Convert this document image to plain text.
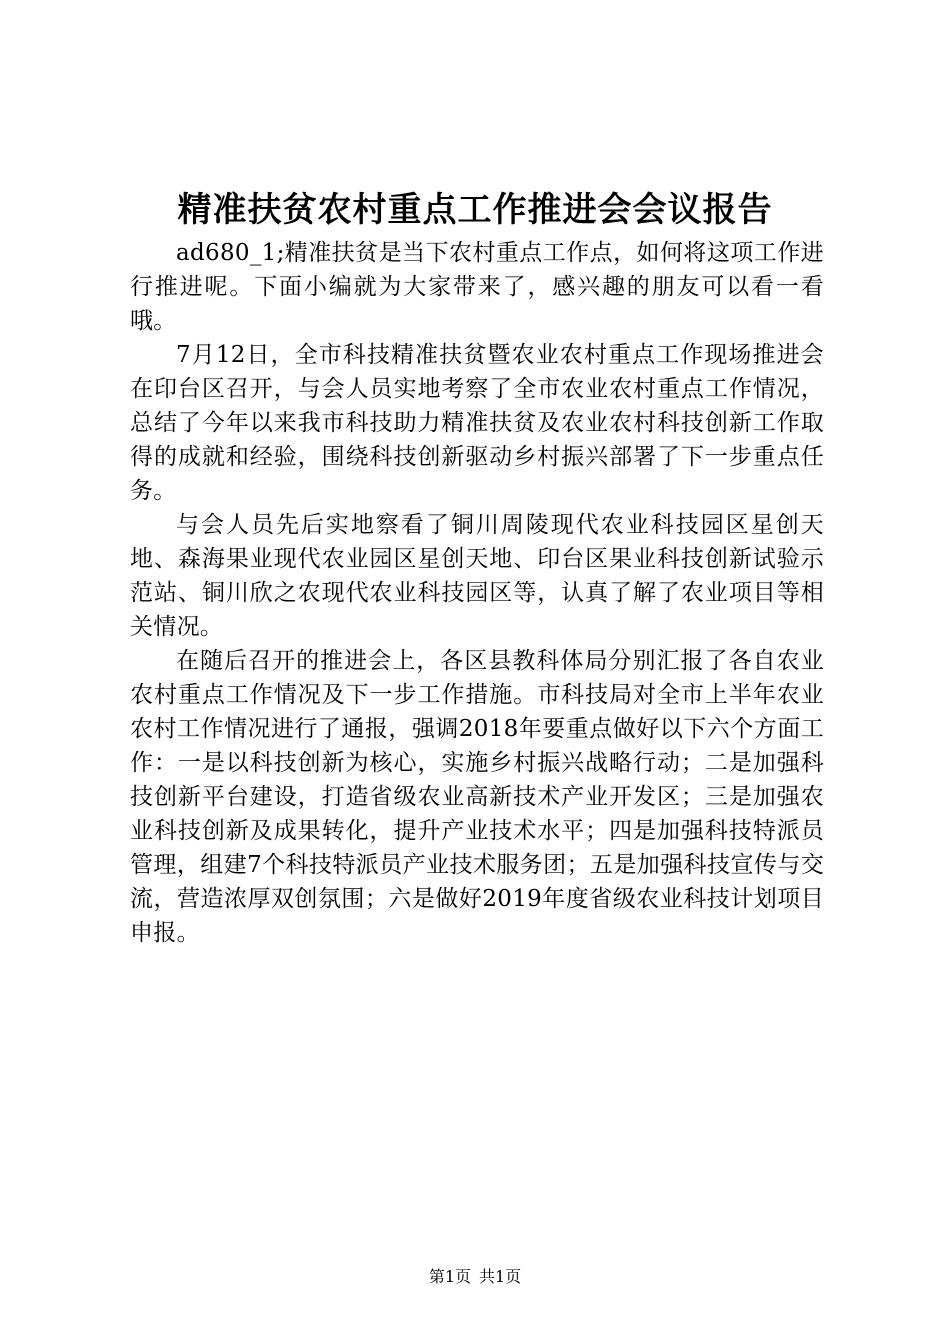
精准扶贫农村重点工作推进会会议报告

ad680_1;精准扶贫是当下农村重点工作点，如何将这项工作进行推进呢。下面小编就为大家带来了，感兴趣的朋友可以看一看哦。

7月12日，全市科技精准扶贫暨农业农村重点工作现场推进会在印台区召开，与会人员实地考察了全市农业农村重点工作情况，总结了今年以来我市科技助力精准扶贫及农业农村科技创新工作取得的成就和经验，围绕科技创新驱动乡村振兴部署了下一步重点任务。

与会人员先后实地察看了铜川周陵现代农业科技园区星创天地、森海果业现代农业园区星创天地、印台区果业科技创新试验示范站、铜川欣之农现代农业科技园区等，认真了解了农业项目等相关情况。

在随后召开的推进会上，各区县教科体局分别汇报了各自农业农村重点工作情况及下一步工作措施。市科技局对全市上半年农业农村工作情况进行了通报，强调2018年要重点做好以下六个方面工作：一是以科技创新为核心，实施乡村振兴战略行动；二是加强科技创新平台建设，打造省级农业高新技术产业开发区；三是加强农业科技创新及成果转化，提升产业技术水平；四是加强科技特派员管理，组建7个科技特派员产业技术服务团；五是加强科技宣传与交流，营造浓厚双创氛围；六是做好2019年度省级农业科技计划项目申报。

第1页 共1页
